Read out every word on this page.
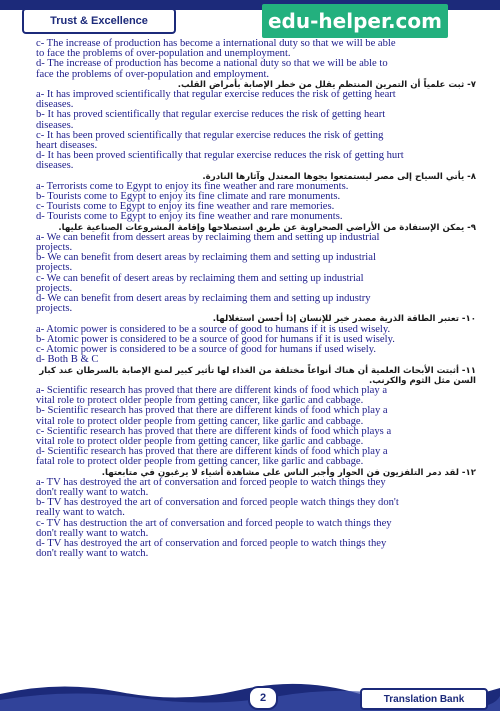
Trust & Excellence	edu-helper.com
c- The increase of production has become a international duty so that we will be able
to face the problems of over-population and unemployment.
d- The increase of production has become a national duty so that we will be able to
face the problems of over-population and employment.
٧- ثبت علمياً أن التمرين المنتظم يقلل من خطر الإصابة بأمراض القلب.
a- It has improved scientifically that regular exercise reduces the risk of getting heart
diseases.
b- It has proved scientifically that regular exercise reduces the risk of getting heart
diseases.
c- It has been proved scientifically that regular exercise reduces the risk of getting
heart diseases.
d- It has been proved scientifically that regular exercise reduces the risk of getting hurt
diseases.
٨- يأتي السياح إلى مصر ليستمتعوا بجوها المعتدل وآثارها النادرة.
a- Terrorists come to Egypt to enjoy its fine weather and rare monuments.
b- Tourists come to Egypt to enjoy its fine climate and rare monuments.
c- Tourists come to Egypt to enjoy its fine weather and rare memories.
d- Tourists come to Egypt to enjoy its fine weather and rare monuments.
٩- يمكن الإستفادة من الأراضي الصحراوية عن طريق استصلاحها وإقامة المشروعات الصناعية عليها.
a- We can benefit from dessert areas by reclaiming them and setting up industrial
projects.
b- We can benefit from desert areas by reclaiming them and setting up industrial
projects.
c- We can benefit of desert areas by reclaiming them and setting up industrial
projects.
d- We can benefit from desert areas by reclaiming them and setting up industry
projects.
١٠- تعتبر الطاقة الذرية مصدر خير للإنسان إذا أحسن استغلالها.
a- Atomic power is considered to be a source of good to humans if it is used wisely.
b- Atomic power is considered to be a source of good for humans if it is used wisely.
c- Atomic power is considered to be a source of good for humans if used wisely.
d- Both B & C
١١- أثبتت الأبحاث العلمية أن هناك أنواعاً مختلفة من الغذاء لها تأثير كبير لمنع الإصابة بالسرطان عند كبار
السن مثل الثوم والكرنب.
a- Scientific research has proved that there are different kinds of food which play a
vital role to protect older people from getting cancer, like garlic and cabbage.
b- Scientific research has proved that there are different kinds of food which play a
vital role to protect older people from getting cancer, like garlic and cabbage.
c- Scientific research has proved that there are different kinds of food which plays a
vital role to protect older people from getting cancer, like garlic and cabbage.
d- Scientific research has proved that there are different kinds of food which play a
fatal role to protect older people from getting cancer, like garlic and cabbage.
١٢- لقد دمر التلفزيون فن الحوار وأجبر الناس على مشاهدة أشياء لا يرغبون في متابعتها.
a- TV has destroyed the art of conversation and forced people to watch things they
don't really want to watch.
b- TV has destroyed the art of conversation and forced people watch things they don't
really want to watch.
c- TV has destruction the art of conversation and forced people to watch things they
don't really want to watch.
d- TV has destroyed the art of conservation and forced people to watch things they
don't really want to watch.
2	Translation Bank
